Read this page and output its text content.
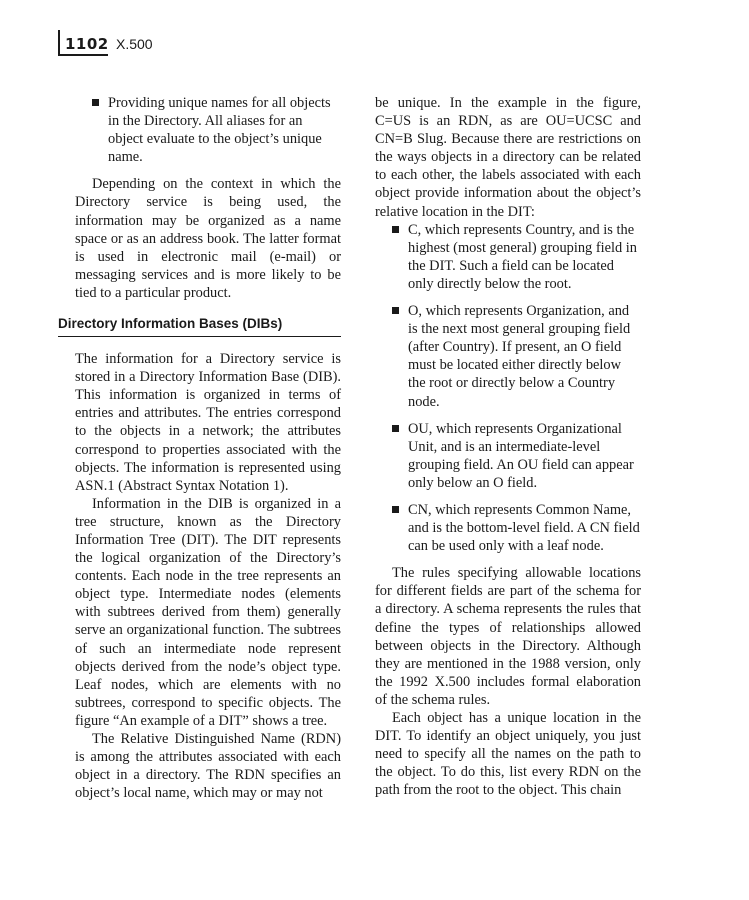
1102 X.500
Providing unique names for all objects in the Directory. All aliases for an object evaluate to the object’s unique name.

Depending on the context in which the Directory service is being used, the information may be organized as a name space or as an address book. The latter format is used in electronic mail (e-mail) or messaging services and is more likely to be tied to a particular product.

Directory Information Bases (DIBs)

The information for a Directory service is stored in a Directory Information Base (DIB). This information is organized in terms of entries and attributes. The entries correspond to the objects in a network; the attributes correspond to properties associated with the objects. The information is represented using ASN.1 (Abstract Syntax Notation 1).

Information in the DIB is organized in a tree structure, known as the Directory Information Tree (DIT). The DIT represents the logical organization of the Directory’s contents. Each node in the tree represents an object type. Intermediate nodes (elements with subtrees derived from them) generally serve an organizational function. The subtrees of such an intermediate node represent objects derived from the node’s object type. Leaf nodes, which are elements with no subtrees, correspond to specific objects. The figure “An example of a DIT” shows a tree.

The Relative Distinguished Name (RDN) is among the attributes associated with each object in a directory. The RDN specifies an object’s local name, which may or may not

be unique. In the example in the figure, C=US is an RDN, as are OU=UCSC and CN=B Slug. Because there are restrictions on the ways objects in a directory can be related to each other, the labels associated with each object provide information about the object’s relative location in the DIT:

C, which represents Country, and is the highest (most general) grouping field in the DIT. Such a field can be located only directly below the root.
O, which represents Organization, and is the next most general grouping field (after Country). If present, an O field must be located either directly below the root or directly below a Country node.
OU, which represents Organizational Unit, and is an intermediate-level grouping field. An OU field can appear only below an O field.
CN, which represents Common Name, and is the bottom-level field. A CN field can be used only with a leaf node.

The rules specifying allowable locations for different fields are part of the schema for a directory. A schema represents the rules that define the types of relationships allowed between objects in the Directory. Although they are mentioned in the 1988 version, only the 1992 X.500 includes formal elaboration of the schema rules.

Each object has a unique location in the DIT. To identify an object uniquely, you just need to specify all the names on the path to the object. To do this, list every RDN on the path from the root to the object. This chain
